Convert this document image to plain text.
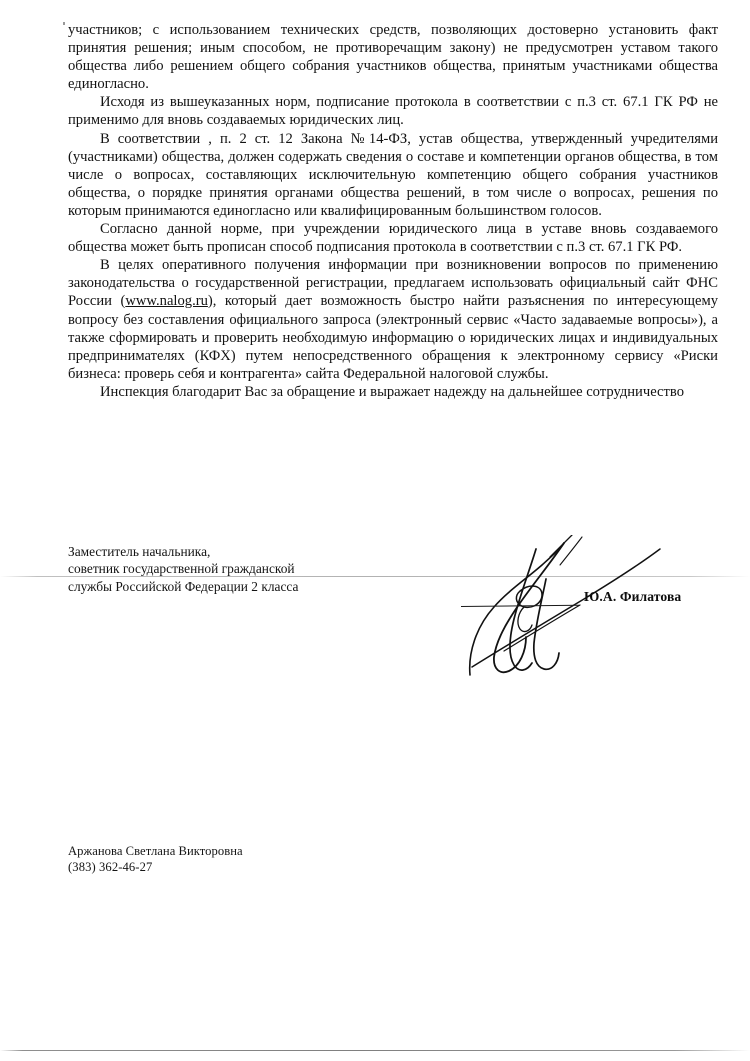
участников; с использованием технических средств, позволяющих достоверно установить факт принятия решения; иным способом, не противоречащим закону) не предусмотрен уставом такого общества либо решением общего собрания участников общества, принятым участниками общества единогласно.

Исходя из вышеуказанных норм, подписание протокола в соответствии с п.3 ст. 67.1 ГК РФ не применимо для вновь создаваемых юридических лиц.

В соответствии , п. 2 ст. 12 Закона №14-ФЗ, устав общества, утвержденный учредителями (участниками) общества, должен содержать сведения о составе и компетенции органов общества, в том числе о вопросах, составляющих исключительную компетенцию общего собрания участников общества, о порядке принятия органами общества решений, в том числе о вопросах, решения по которым принимаются единогласно или квалифицированным большинством голосов.

Согласно данной норме, при учреждении юридического лица в уставе вновь создаваемого общества может быть прописан способ подписания протокола в соответствии с п.3 ст. 67.1 ГК РФ.

В целях оперативного получения информации при возникновении вопросов по применению законодательства о государственной регистрации, предлагаем использовать официальный сайт ФНС России (www.nalog.ru), который дает возможность быстро найти разъяснения по интересующему вопросу без составления официального запроса (электронный сервис «Часто задаваемые вопросы»), а также сформировать и проверить необходимую информацию о юридических лицах и индивидуальных предпринимателях (КФХ) путем непосредственного обращения к электронному сервису «Риски бизнеса: проверь себя и контрагента» сайта Федеральной налоговой службы.

Инспекция благодарит Вас за обращение и выражает надежду на дальнейшее сотрудничество

Заместитель начальника,
советник государственной гражданской
службы Российской Федерации 2 класса
Ю.А. Филатова
Аржанова Светлана Викторовна
(383) 362-46-27
